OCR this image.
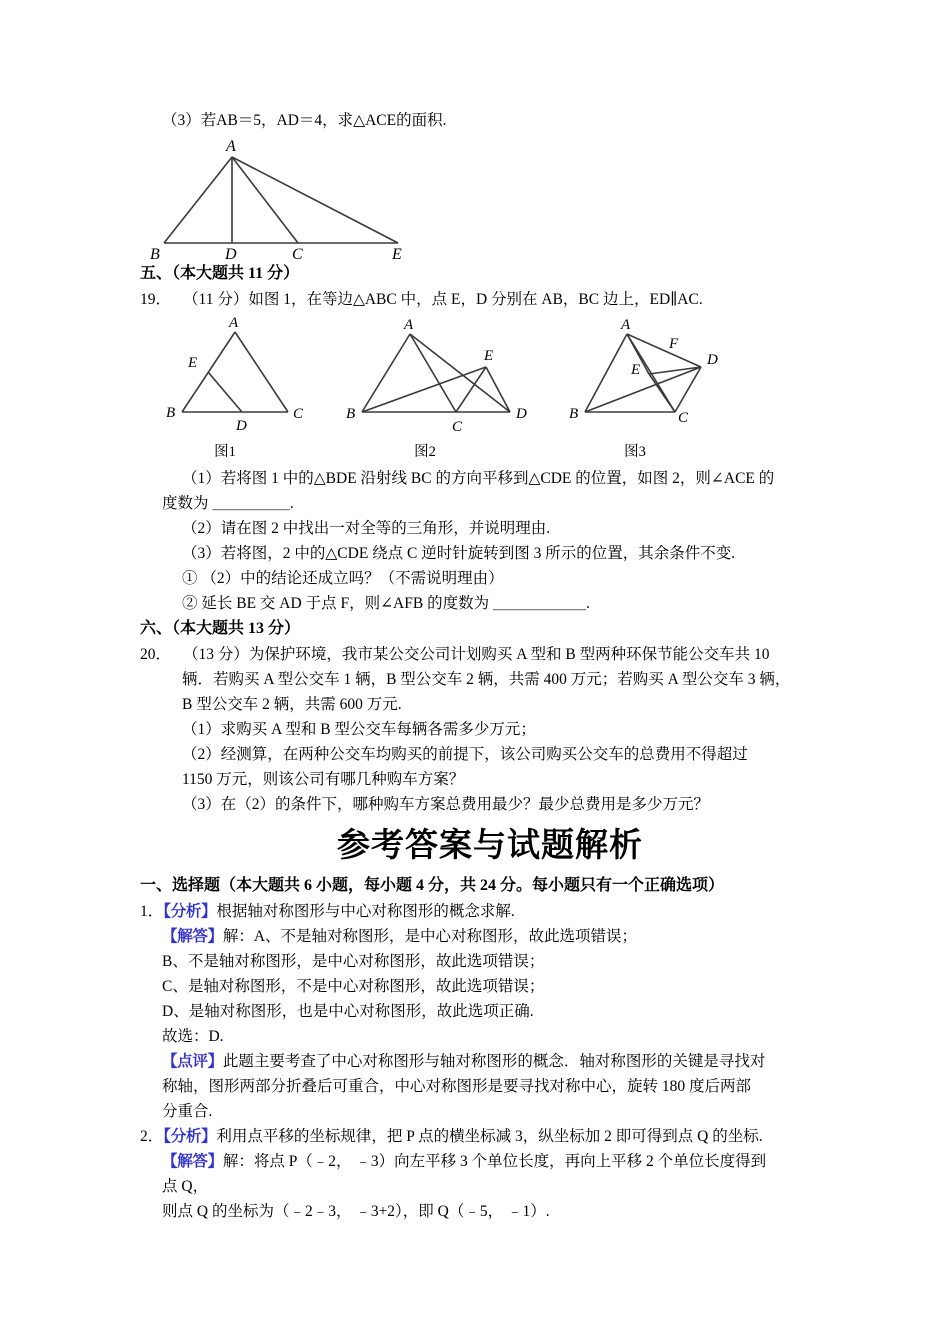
（3）若AB＝5，AD＝4，求△ACE的面积.
A
B	D	C	E
五、（本大题共 11 分）
19． （11 分）如图 1，在等边△ABC 中，点 E，D 分别在 AB，BC 边上，ED∥AC.
A
E
B
D
C
A
E
B
C
D
A
F
E
D
B	C
图1	图2	图3
（1）若将图 1 中的△BDE 沿射线 BC 的方向平移到△CDE 的位置，如图 2，则∠ACE 的
度数为 ＿＿＿＿＿.
（2）请在图 2 中找出一对全等的三角形，并说明理由.
（3）若将图，2 中的△CDE 绕点 C 逆时针旋转到图 3 所示的位置，其余条件不变.
① （2）中的结论还成立吗？（不需说明理由）
② 延长 BE 交 AD 于点 F，则∠AFB 的度数为 ＿＿＿＿＿＿.
六、（本大题共 13 分）
20． （13 分）为保护环境，我市某公交公司计划购买 A 型和 B 型两种环保节能公交车共 10
辆．若购买 A 型公交车 1 辆，B 型公交车 2 辆，共需 400 万元；若购买 A 型公交车 3 辆，
B 型公交车 2 辆，共需 600 万元.
（1）求购买 A 型和 B 型公交车每辆各需多少万元；
（2）经测算，在两种公交车均购买的前提下，该公司购买公交车的总费用不得超过
1150 万元，则该公司有哪几种购车方案？
（3）在（2）的条件下，哪种购车方案总费用最少？最少总费用是多少万元？
参考答案与试题解析
一、选择题（本大题共 6 小题，每小题 4 分，共 24 分。每小题只有一个正确选项）
1．【分析】根据轴对称图形与中心对称图形的概念求解.
【解答】解：A、不是轴对称图形，是中心对称图形，故此选项错误；
B、不是轴对称图形，是中心对称图形，故此选项错误；
C、是轴对称图形，不是中心对称图形，故此选项错误；
D、是轴对称图形，也是中心对称图形，故此选项正确.
故选：D.
【点评】此题主要考查了中心对称图形与轴对称图形的概念．轴对称图形的关键是寻找对
称轴，图形两部分折叠后可重合，中心对称图形是要寻找对称中心，旋转 180 度后两部
分重合.
2．【分析】利用点平移的坐标规律，把 P 点的横坐标减 3，纵坐标加 2 即可得到点 Q 的坐标.
【解答】解：将点 P（﹣2， ﹣3）向左平移 3 个单位长度，再向上平移 2 个单位长度得到
点 Q，
则点 Q 的坐标为（﹣2﹣3， ﹣3+2），即 Q（﹣5， ﹣1）.
